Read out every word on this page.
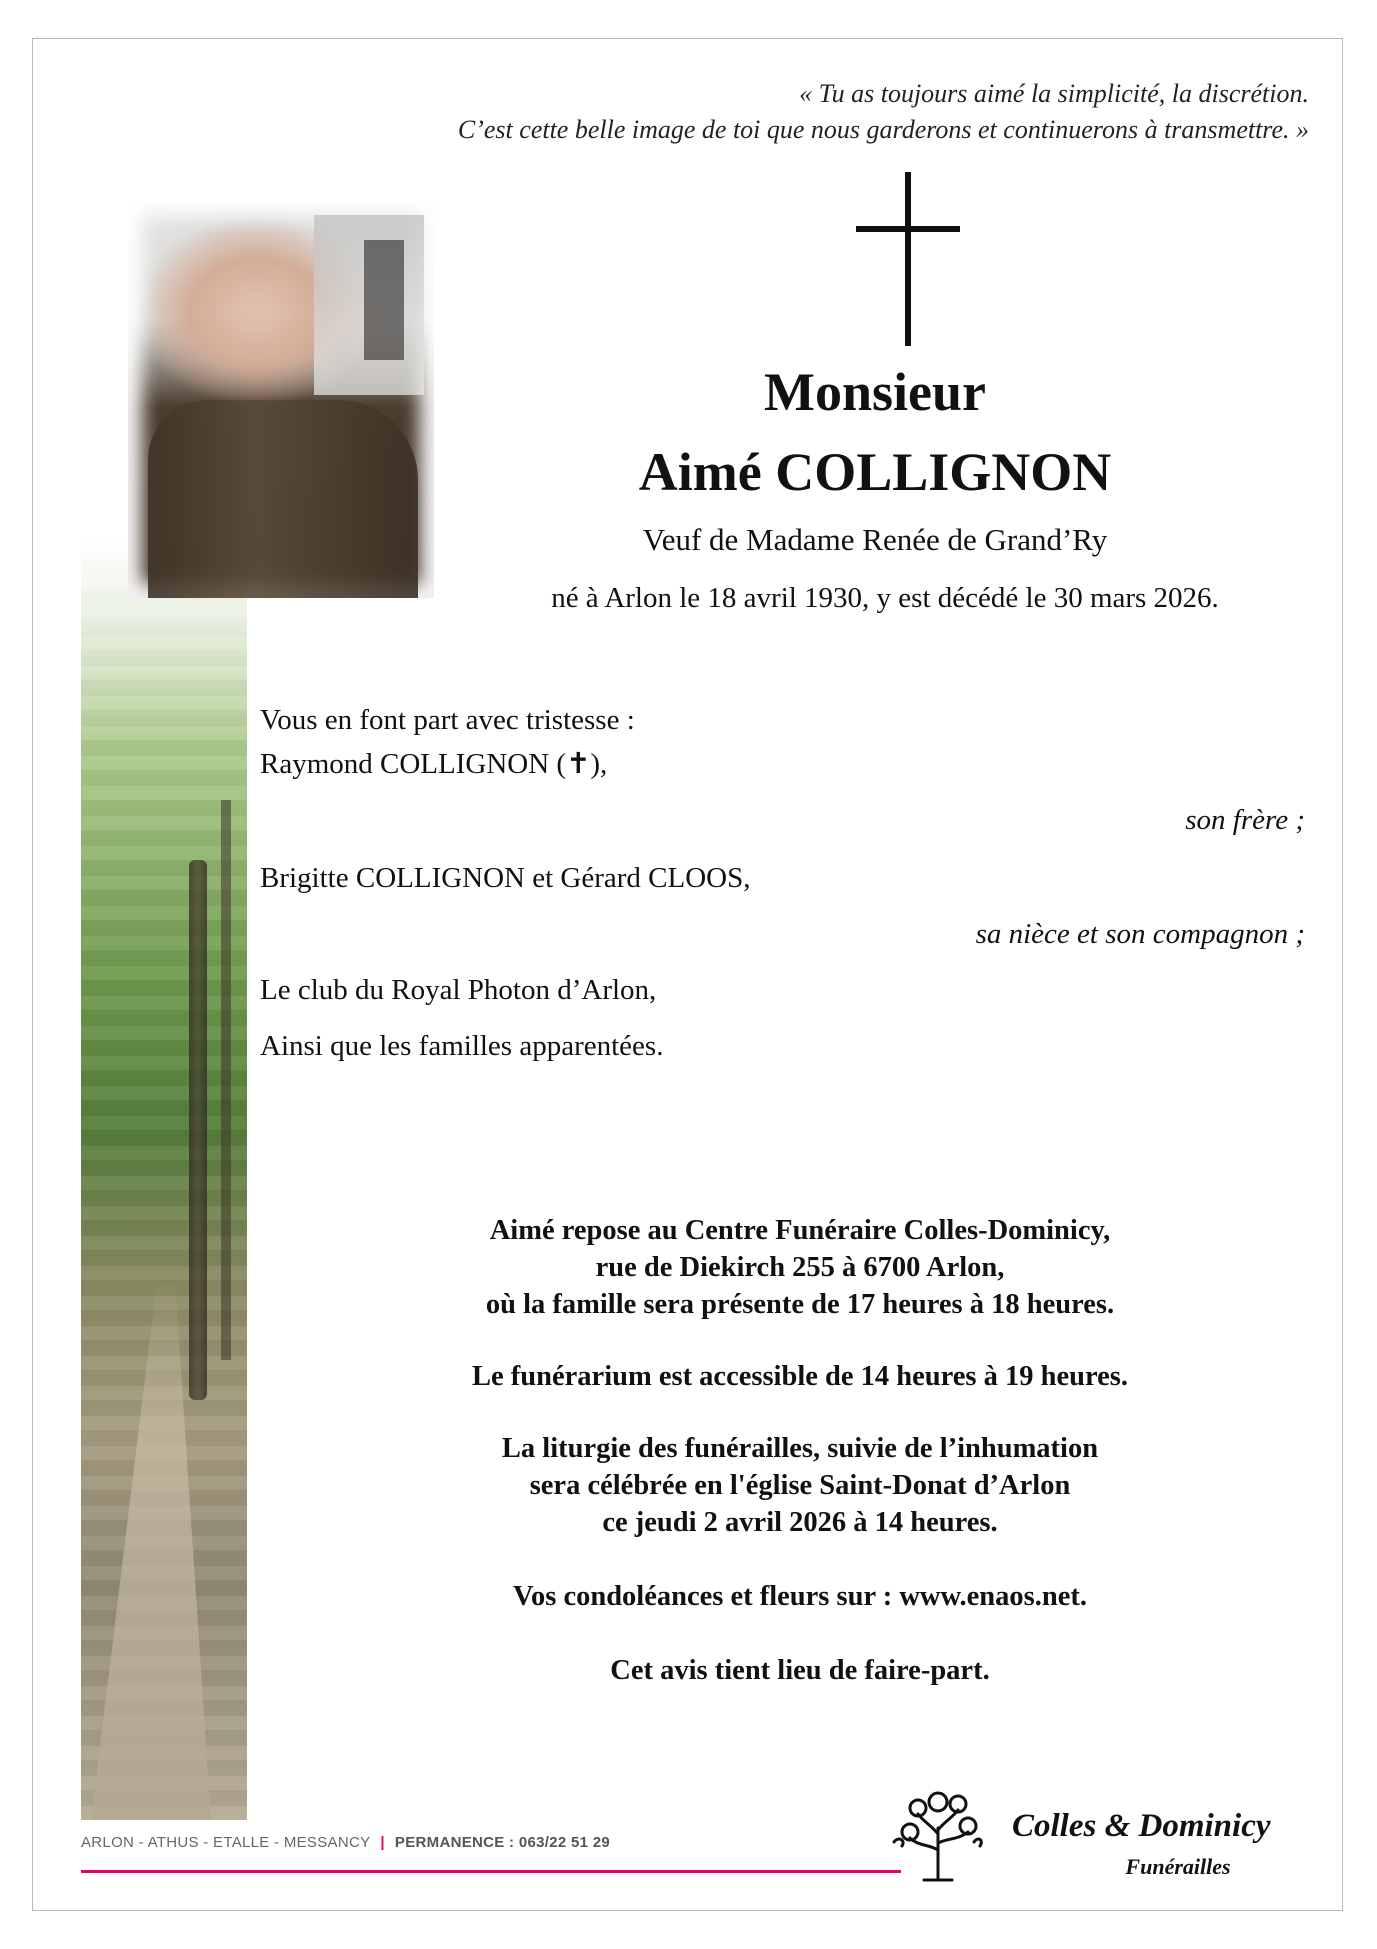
« Tu as toujours aimé la simplicité, la discrétion.
C’est cette belle image de toi que nous garderons et continuerons à transmettre. »
Monsieur
Aimé COLLIGNON
Veuf de Madame Renée de Grand’Ry
né à Arlon le 18 avril 1930, y est décédé le 30 mars 2026.
Vous en font part avec tristesse :
Raymond COLLIGNON (✝),
son frère ;
Brigitte COLLIGNON et Gérard CLOOS,
sa nièce et son compagnon ;
Le club du Royal Photon d’Arlon,
Ainsi que les familles apparentées.
Aimé repose au Centre Funéraire Colles-Dominicy,
rue de Diekirch 255 à 6700 Arlon,
où la famille sera présente de 17 heures à 18 heures.
Le funérarium est accessible de 14 heures à 19 heures.
La liturgie des funérailles, suivie de l’inhumation
sera célébrée en l'église Saint-Donat d’Arlon
ce jeudi 2 avril 2026 à 14 heures.
Vos condoléances et fleurs sur : www.enaos.net.
Cet avis tient lieu de faire-part.
ARLON - ATHUS - ETALLE - MESSANCY | PERMANENCE : 063/22 51 29	Colles & Dominicy
Funérailles
